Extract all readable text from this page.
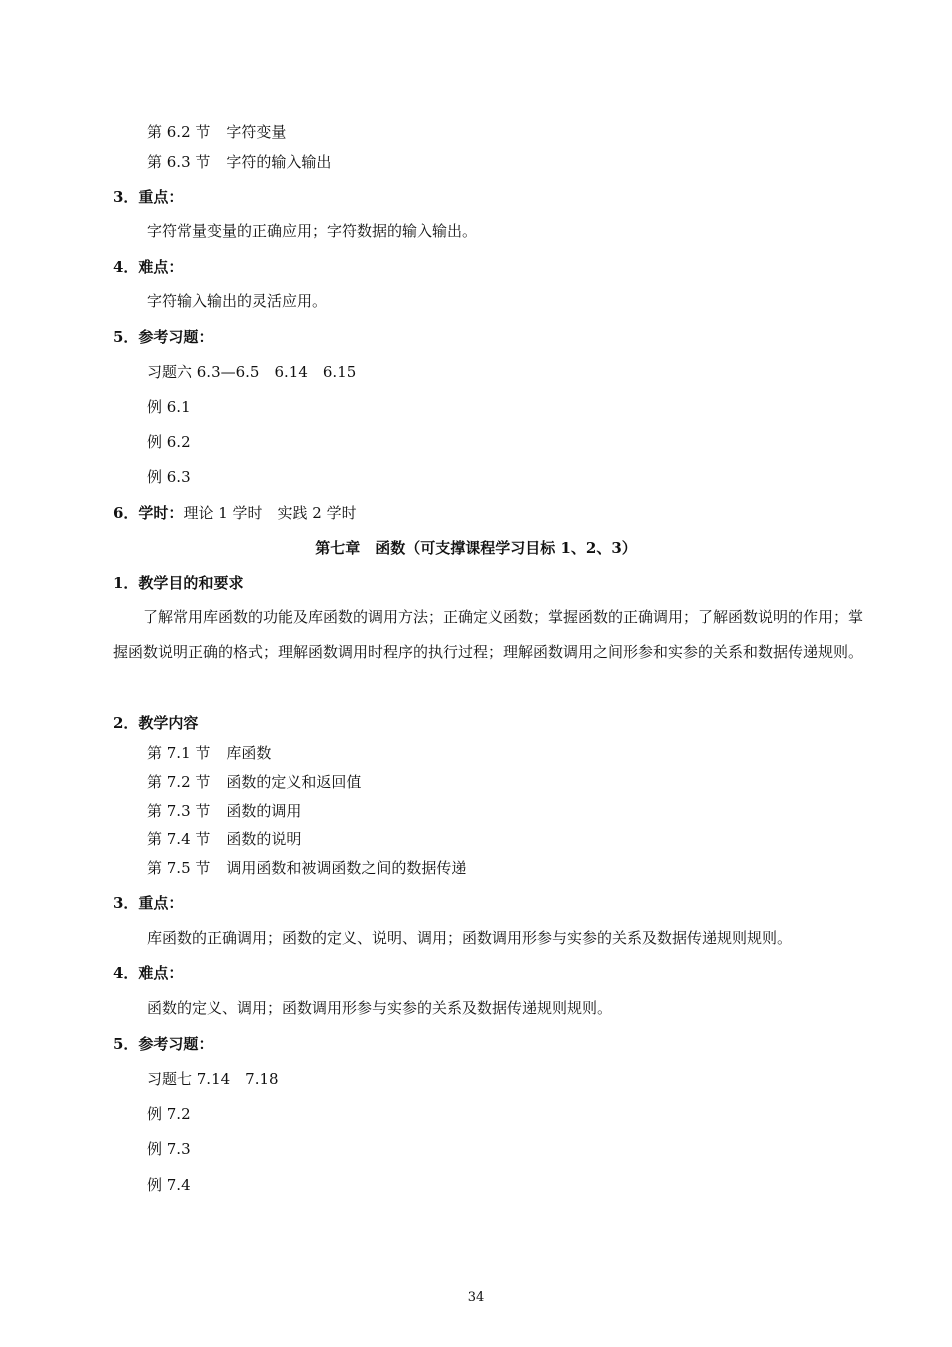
第 6.2 节 字符变量
第 6.3 节 字符的输入输出
3．重点：
字符常量变量的正确应用；字符数据的输入输出。
4．难点：
字符输入输出的灵活应用。
5．参考习题：
习题六 6.3—6.5　6.14　6.15
例 6.1
例 6.2
例 6.3
6．学时：理论 1 学时　实践 2 学时
第七章　函数（可支撑课程学习目标 1、2、3）
1．教学目的和要求
了解常用库函数的功能及库函数的调用方法；正确定义函数；掌握函数的正确调用；了解函数说明的作用；掌握函数说明正确的格式；理解函数调用时程序的执行过程；理解函数调用之间形参和实参的关系和数据传递规则。
2．教学内容
第 7.1 节 库函数
第 7.2 节 函数的定义和返回值
第 7.3 节 函数的调用
第 7.4 节 函数的说明
第 7.5 节 调用函数和被调函数之间的数据传递
3．重点：
库函数的正确调用；函数的定义、说明、调用；函数调用形参与实参的关系及数据传递规则规则。
4．难点：
函数的定义、调用；函数调用形参与实参的关系及数据传递规则规则。
5．参考习题：
习题七 7.14　7.18
例 7.2
例 7.3
例 7.4
34
